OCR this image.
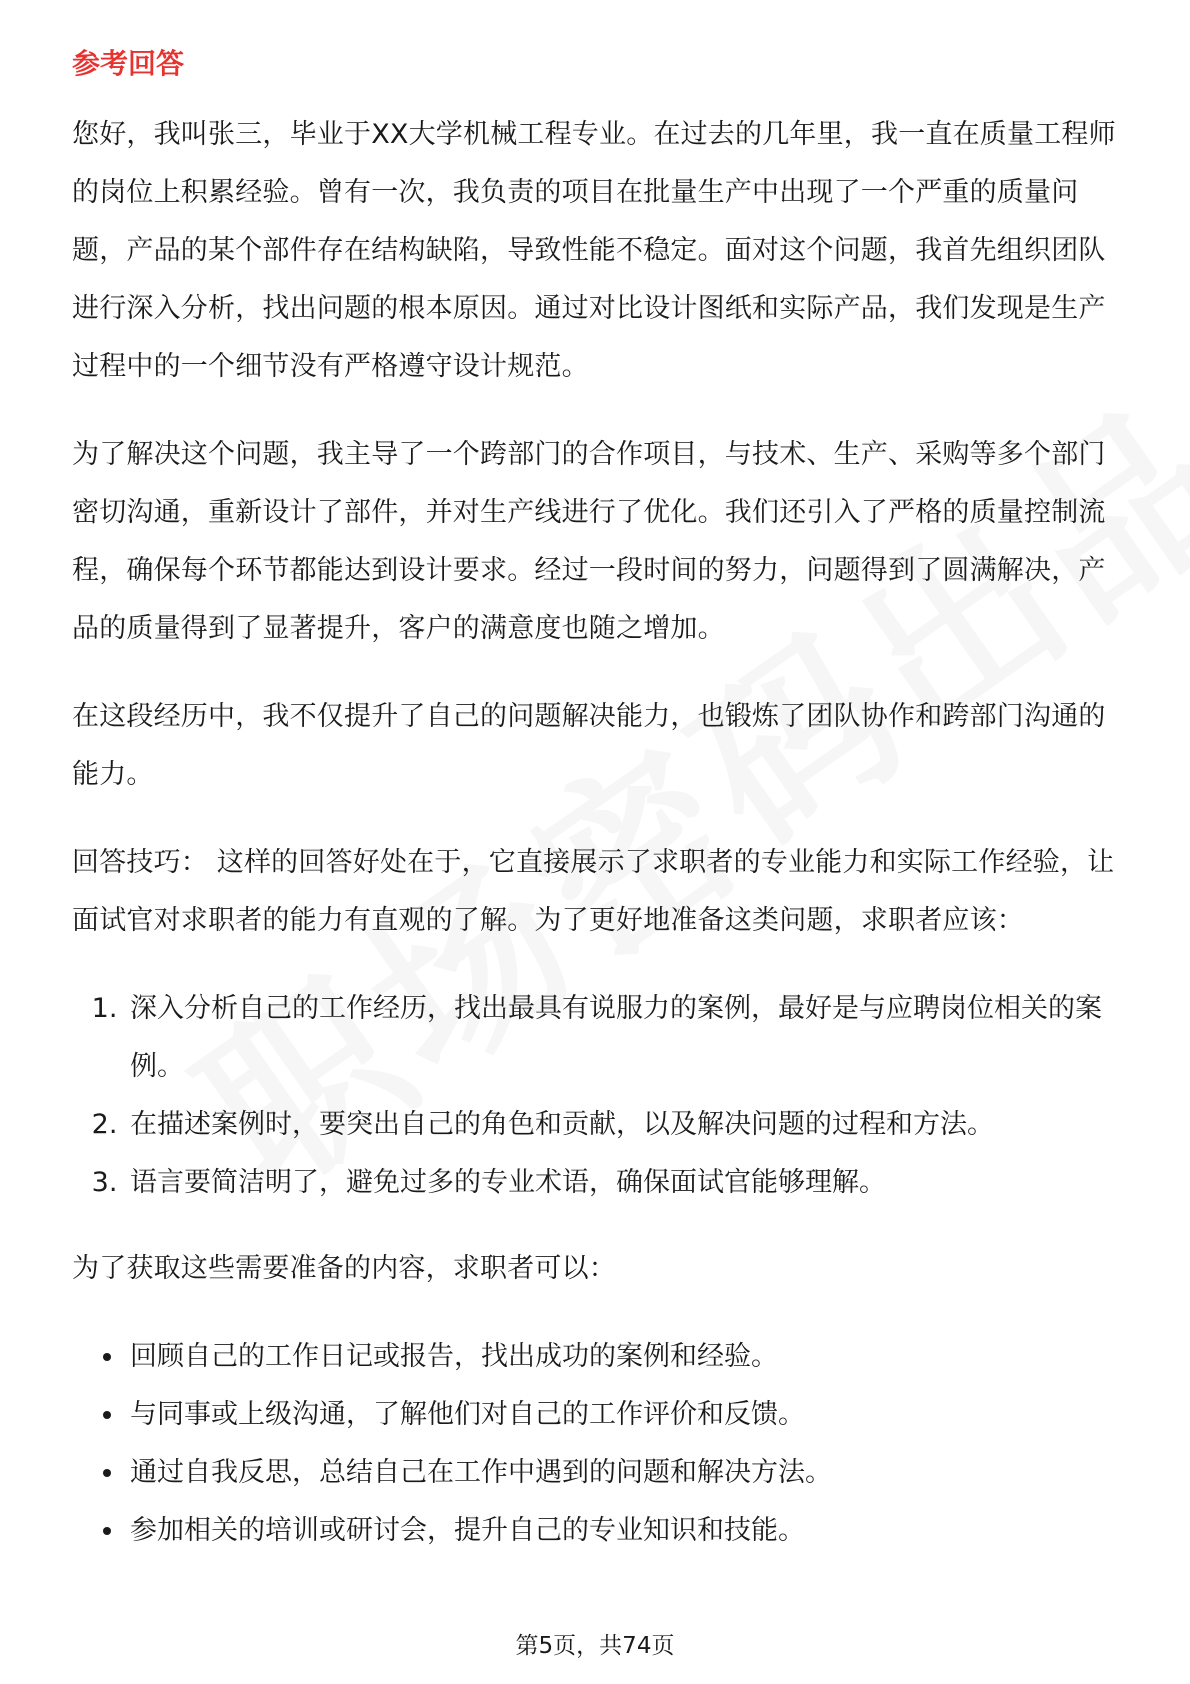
参考回答

您好，我叫张三，毕业于XX大学机械工程专业。在过去的几年里，我一直在质量工程师的岗位上积累经验。曾有一次，我负责的项目在批量生产中出现了一个严重的质量问题，产品的某个部件存在结构缺陷，导致性能不稳定。面对这个问题，我首先组织团队进行深入分析，找出问题的根本原因。通过对比设计图纸和实际产品，我们发现是生产过程中的一个细节没有严格遵守设计规范。

为了解决这个问题，我主导了一个跨部门的合作项目，与技术、生产、采购等多个部门密切沟通，重新设计了部件，并对生产线进行了优化。我们还引入了严格的质量控制流程，确保每个环节都能达到设计要求。经过一段时间的努力，问题得到了圆满解决，产品的质量得到了显著提升，客户的满意度也随之增加。

在这段经历中，我不仅提升了自己的问题解决能力，也锻炼了团队协作和跨部门沟通的能力。

回答技巧： 这样的回答好处在于，它直接展示了求职者的专业能力和实际工作经验，让面试官对求职者的能力有直观的了解。为了更好地准备这类问题，求职者应该：

1. 深入分析自己的工作经历，找出最具有说服力的案例，最好是与应聘岗位相关的案例。
2. 在描述案例时，要突出自己的角色和贡献，以及解决问题的过程和方法。
3. 语言要简洁明了，避免过多的专业术语，确保面试官能够理解。

为了获取这些需要准备的内容，求职者可以：

• 回顾自己的工作日记或报告，找出成功的案例和经验。
• 与同事或上级沟通，了解他们对自己的工作评价和反馈。
• 通过自我反思，总结自己在工作中遇到的问题和解决方法。
• 参加相关的培训或研讨会，提升自己的专业知识和技能。
第5页，共74页
